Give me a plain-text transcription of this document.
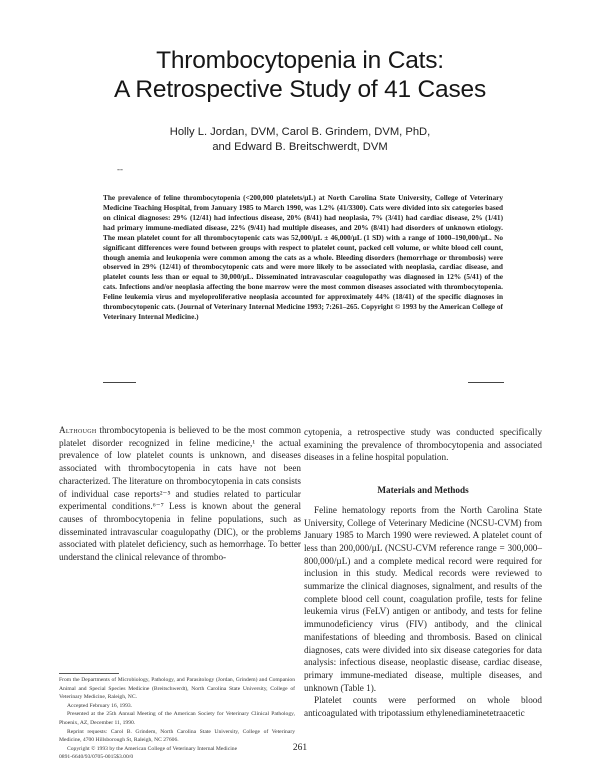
Thrombocytopenia in Cats:
A Retrospective Study of 41 Cases
Holly L. Jordan, DVM, Carol B. Grindem, DVM, PhD,
and Edward B. Breitschwerdt, DVM
--
The prevalence of feline thrombocytopenia (<200,000 platelets/µL) at North Carolina State University, College of Veterinary Medicine Teaching Hospital, from January 1985 to March 1990, was 1.2% (41/3300). Cats were divided into six categories based on clinical diagnoses: 29% (12/41) had infectious disease, 20% (8/41) had neoplasia, 7% (3/41) had cardiac disease, 2% (1/41) had primary immune-mediated disease, 22% (9/41) had multiple diseases, and 20% (8/41) had disorders of unknown etiology. The mean platelet count for all thrombocytopenic cats was 52,000/µL ± 46,000/µL (1 SD) with a range of 1000–190,000/µL. No significant differences were found between groups with respect to platelet count, packed cell volume, or white blood cell count, though anemia and leukopenia were common among the cats as a whole. Bleeding disorders (hemorrhage or thrombosis) were observed in 29% (12/41) of thrombocytopenic cats and were more likely to be associated with neoplasia, cardiac disease, and platelet counts less than or equal to 30,000/µL. Disseminated intravascular coagulopathy was diagnosed in 12% (5/41) of the cats. Infections and/or neoplasia affecting the bone marrow were the most common diseases associated with thrombocytopenia. Feline leukemia virus and myeloproliferative neoplasia accounted for approximately 44% (18/41) of the specific diagnoses in thrombocytopenic cats. (Journal of Veterinary Internal Medicine 1993; 7:261–265. Copyright © 1993 by the American College of Veterinary Internal Medicine.)

Although thrombocytopenia is believed to be the most common platelet disorder recognized in feline medicine,¹ the actual prevalence of low platelet counts is unknown, and diseases associated with thrombocytopenia in cats have not been characterized. The literature on thrombocytopenia in cats consists of individual case reports²⁻⁵ and studies related to particular experimental conditions.⁶⁻⁷ Less is known about the general causes of thrombocytopenia in feline populations, such as disseminated intravascular coagulopathy (DIC), or the problems associated with platelet deficiency, such as hemorrhage. To better understand the clinical relevance of thrombo-

cytopenia, a retrospective study was conducted specifically examining the prevalence of thrombocytopenia and associated diseases in a feline hospital population.

Materials and Methods

Feline hematology reports from the North Carolina State University, College of Veterinary Medicine (NCSU-CVM) from January 1985 to March 1990 were reviewed. A platelet count of less than 200,000/µL (NCSU-CVM reference range = 300,000–800,000/µL) and a complete medical record were required for inclusion in this study. Medical records were reviewed to summarize the clinical diagnoses, signalment, and results of the complete blood cell count, coagulation profile, tests for feline leukemia virus (FeLV) antigen or antibody, and tests for feline immunodeficiency virus (FIV) antibody, and the clinical manifestations of bleeding and thrombosis. Based on clinical diagnoses, cats were divided into six disease categories for data analysis: infectious disease, neoplastic disease, cardiac disease, primary immune-mediated disease, multiple diseases, and unknown (Table 1).

Platelet counts were performed on whole blood anticoagulated with tripotassium ethylenediaminetetraacetic

From the Departments of Microbiology, Pathology, and Parasitology (Jordan, Grindem) and Companion Animal and Special Species Medicine (Breitschwerdt), North Carolina State University, College of Veterinary Medicine, Raleigh, NC.

Accepted February 16, 1993.

Presented at the 25th Annual Meeting of the American Society for Veterinary Clinical Pathology, Phoenix, AZ, December 11, 1990.

Reprint requests: Carol B. Grindem, North Carolina State University, College of Veterinary Medicine, 4700 Hillsborough St, Raleigh, NC 27606.

Copyright © 1993 by the American College of Veterinary Internal Medicine

0891-6640/93/0705-0015$3.00/0

261
